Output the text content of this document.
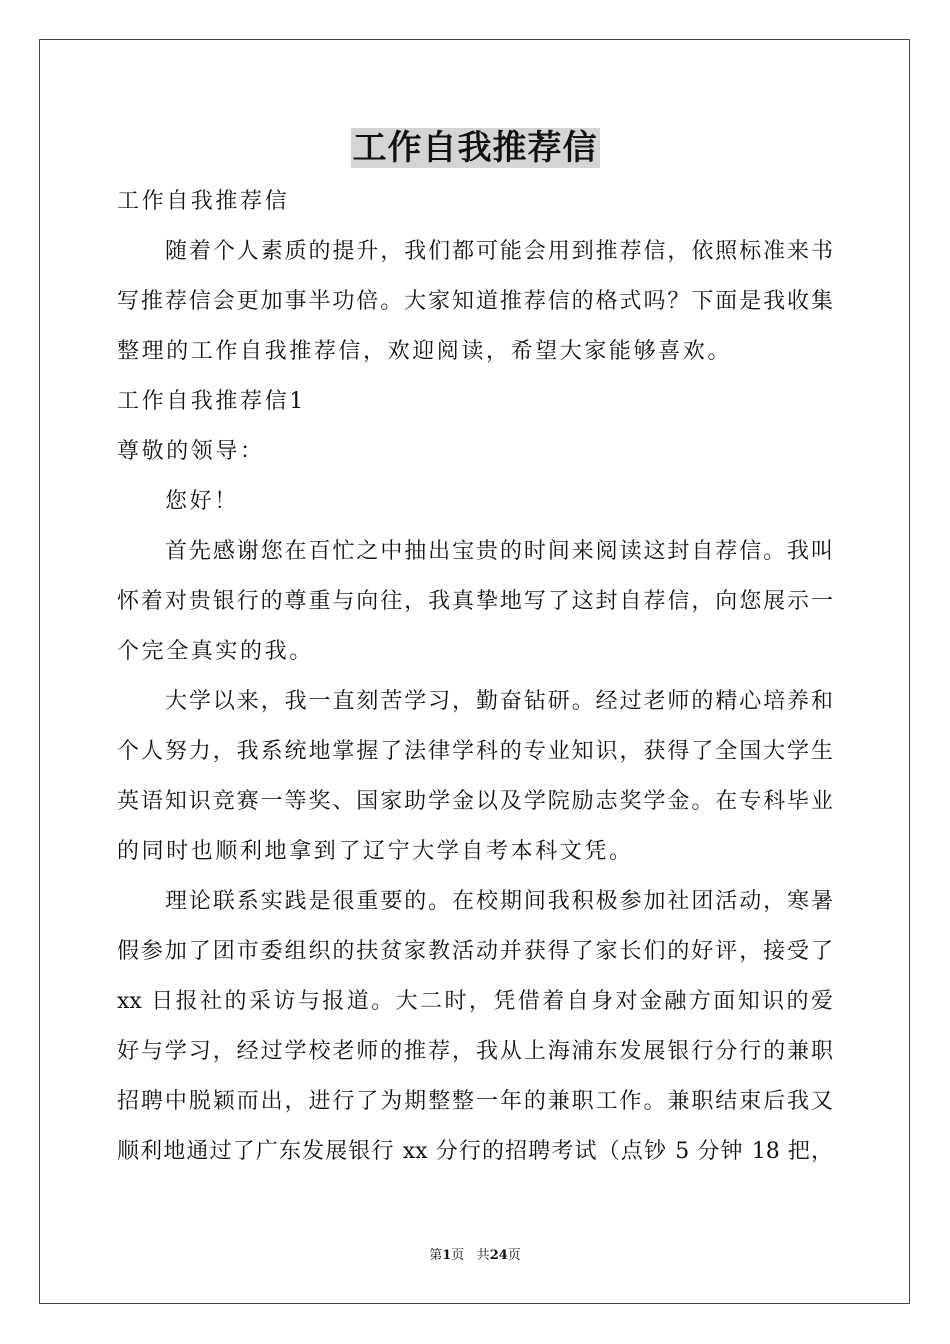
工作自我推荐信
工作自我推荐信
随着个人素质的提升，我们都可能会用到推荐信，依照标准来书
写推荐信会更加事半功倍。大家知道推荐信的格式吗？下面是我收集
整理的工作自我推荐信，欢迎阅读，希望大家能够喜欢。
工作自我推荐信1
尊敬的领导：
您好！
首先感谢您在百忙之中抽出宝贵的时间来阅读这封自荐信。我叫
怀着对贵银行的尊重与向往，我真挚地写了这封自荐信，向您展示一
个完全真实的我。
大学以来，我一直刻苦学习，勤奋钻研。经过老师的精心培养和
个人努力，我系统地掌握了法律学科的专业知识，获得了全国大学生
英语知识竞赛一等奖、国家助学金以及学院励志奖学金。在专科毕业
的同时也顺利地拿到了辽宁大学自考本科文凭。
理论联系实践是很重要的。在校期间我积极参加社团活动，寒暑
假参加了团市委组织的扶贫家教活动并获得了家长们的好评，接受了
xx 日报社的采访与报道。大二时，凭借着自身对金融方面知识的爱
好与学习，经过学校老师的推荐，我从上海浦东发展银行分行的兼职
招聘中脱颖而出，进行了为期整整一年的兼职工作。兼职结束后我又
顺利地通过了广东发展银行 xx 分行的招聘考试（点钞 5 分钟 18 把，
第1页 共24页
